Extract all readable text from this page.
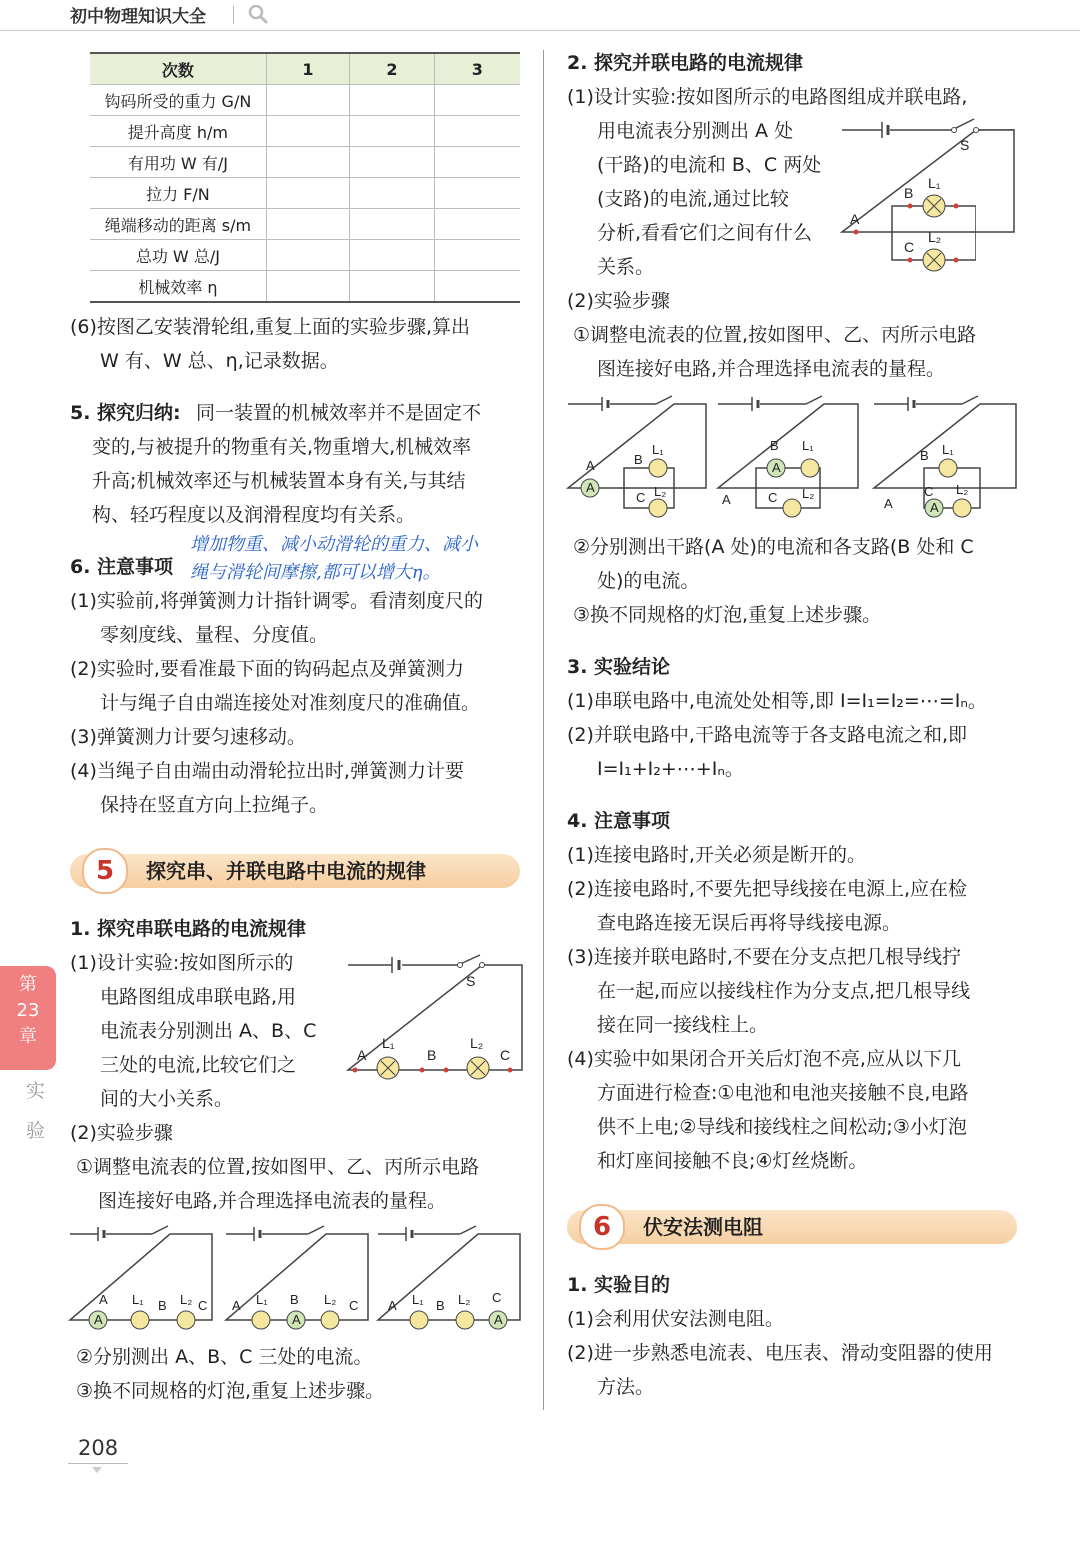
初中物理知识大全
次数	1	2	3
钩码所受的重力 G/N			
提升高度 h/m			
有用功 W 有/J			
拉力 F/N			
绳端移动的距离 s/m			
总功 W 总/J			
机械效率 η			
(6)按图乙安装滑轮组,重复上面的实验步骤,算出
W 有、W 总、η,记录数据。
5. 探究归纳: 同一装置的机械效率并不是固定不
变的,与被提升的物重有关,物重增大,机械效率
升高;机械效率还与机械装置本身有关,与其结
构、轻巧程度以及润滑程度均有关系。
增加物重、减小动滑轮的重力、减小
绳与滑轮间摩擦,都可以增大η。
6. 注意事项
(1)实验前,将弹簧测力计指针调零。看清刻度尺的
零刻度线、量程、分度值。
(2)实验时,要看准最下面的钩码起点及弹簧测力
计与绳子自由端连接处对准刻度尺的准确值。
(3)弹簧测力计要匀速移动。
(4)当绳子自由端由动滑轮拉出时,弹簧测力计要
保持在竖直方向上拉绳子。
5	探究串、并联电路中电流的规律
1. 探究串联电路的电流规律
(1)设计实验:按如图所示的
电路图组成串联电路,用
电流表分别测出 A、B、C
三处的电流,比较它们之
间的大小关系。
S
A
L₁
B
L₂
C
(2)实验步骤
①调整电流表的位置,按如图甲、乙、丙所示电路
图连接好电路,并合理选择电流表的量程。
A	A	A
A L₁ B L₂ C A L₁ B L₂ C A L₁ B L₂ C
②分别测出 A、B、C 三处的电流。
③换不同规格的灯泡,重复上述步骤。
第
23
章
实
验
208
2. 探究并联电路的电流规律
(1)设计实验:按如图所示的电路图组成并联电路,
用电流表分别测出 A 处
(干路)的电流和 B、C 两处
(支路)的电流,通过比较
分析,看看它们之间有什么
关系。
S
A
B
L₁
C
L₂
(2)实验步骤
①调整电流表的位置,按如图甲、乙、丙所示电路
图连接好电路,并合理选择电流表的量程。
A
A
A
A	B
L₁
C L₂
B L₁
A	C L₂
B L₁
A
C L₂
②分别测出干路(A 处)的电流和各支路(B 处和 C
处)的电流。
③换不同规格的灯泡,重复上述步骤。
3. 实验结论
(1)串联电路中,电流处处相等,即 I=I₁=I₂=⋯=Iₙ。
(2)并联电路中,干路电流等于各支路电流之和,即
I=I₁+I₂+⋯+Iₙ。
4. 注意事项
(1)连接电路时,开关必须是断开的。
(2)连接电路时,不要先把导线接在电源上,应在检
查电路连接无误后再将导线接电源。
(3)连接并联电路时,不要在分支点把几根导线拧
在一起,而应以接线柱作为分支点,把几根导线
接在同一接线柱上。
(4)实验中如果闭合开关后灯泡不亮,应从以下几
方面进行检查:①电池和电池夹接触不良,电路
供不上电;②导线和接线柱之间松动;③小灯泡
和灯座间接触不良;④灯丝烧断。
6	伏安法测电阻
1. 实验目的
(1)会利用伏安法测电阻。
(2)进一步熟悉电流表、电压表、滑动变阻器的使用
方法。
